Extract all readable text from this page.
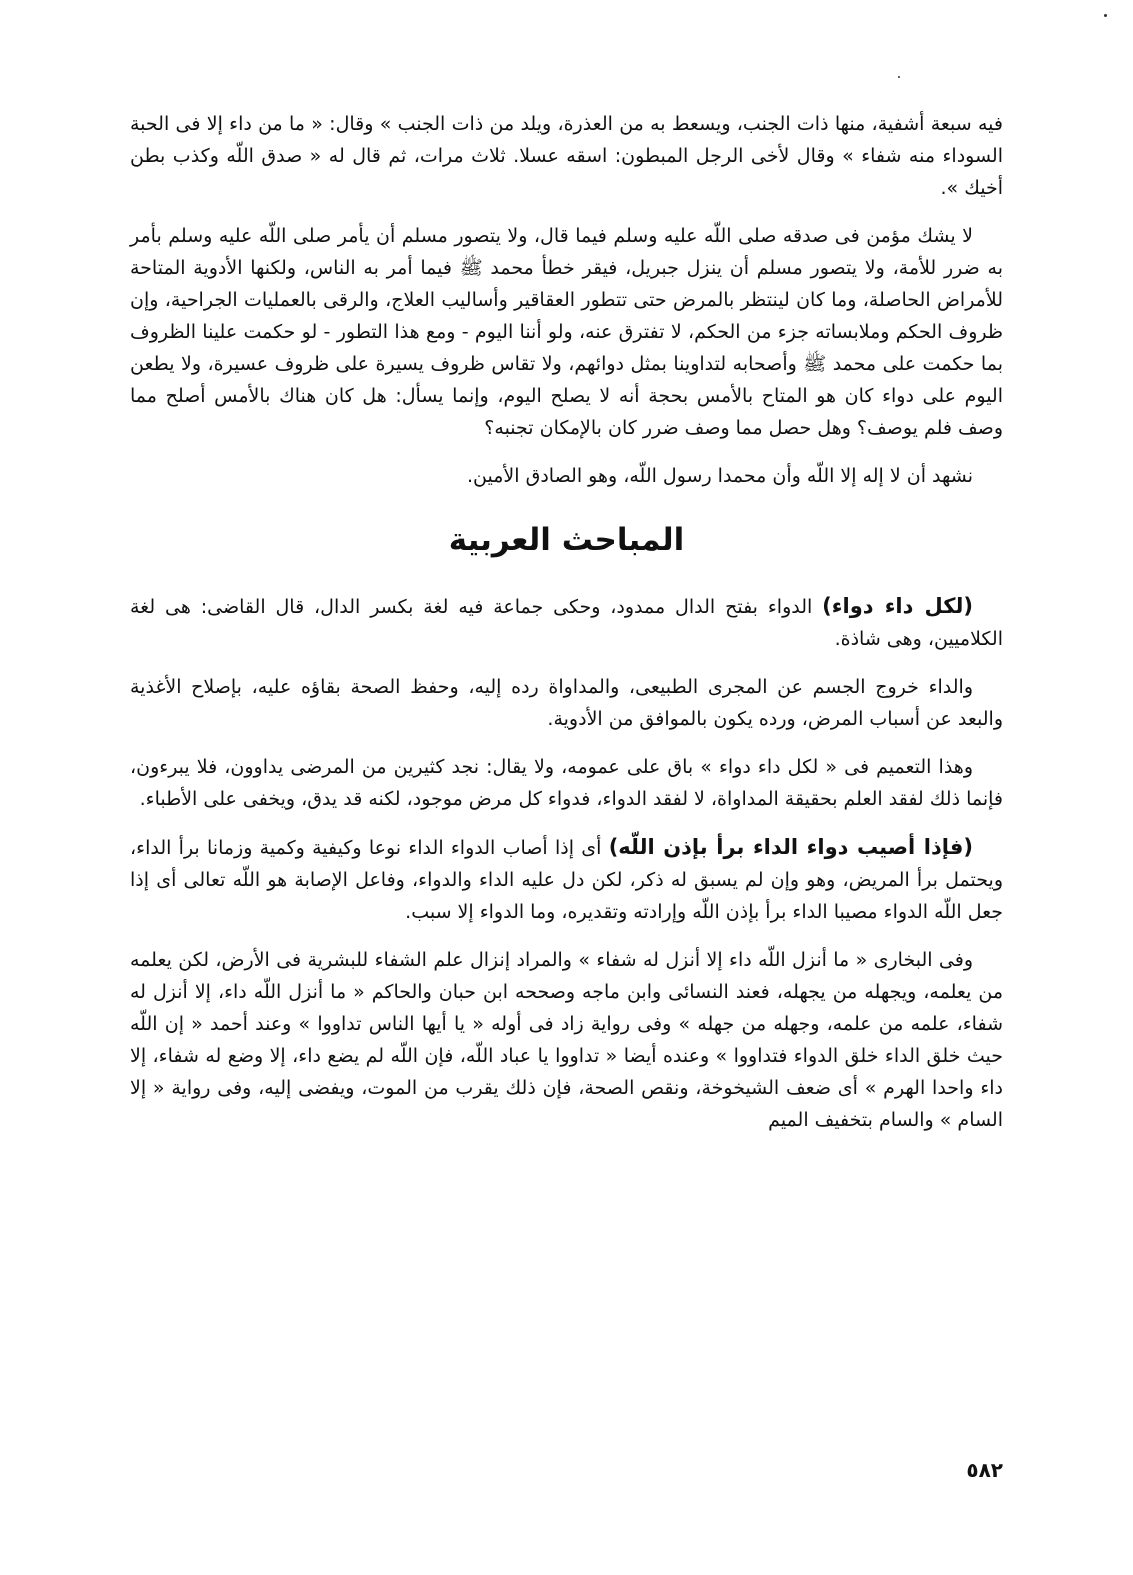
فيه سبعة أشفية، منها ذات الجنب، ويسعط به من العذرة، ويلد من ذات الجنب » وقال: « ما من داء إلا فى الحبة السوداء منه شفاء » وقال لأخى الرجل المبطون: اسقه عسلا. ثلاث مرات، ثم قال له « صدق اللّه وكذب بطن أخيك ».

لا يشك مؤمن فى صدقه صلى اللّه عليه وسلم فيما قال، ولا يتصور مسلم أن يأمر صلى اللّه عليه وسلم بأمر به ضرر للأمة، ولا يتصور مسلم أن ينزل جبريل، فيقر خطأ محمد ﷺ فيما أمر به الناس، ولكنها الأدوية المتاحة للأمراض الحاصلة، وما كان لينتظر بالمرض حتى تتطور العقاقير وأساليب العلاج، والرقى بالعمليات الجراحية، وإن ظروف الحكم وملابساته جزء من الحكم، لا تفترق عنه، ولو أننا اليوم - ومع هذا التطور - لو حكمت علينا الظروف بما حكمت على محمد ﷺ وأصحابه لتداوينا بمثل دوائهم، ولا تقاس ظروف يسيرة على ظروف عسيرة، ولا يطعن اليوم على دواء كان هو المتاح بالأمس بحجة أنه لا يصلح اليوم، وإنما يسأل: هل كان هناك بالأمس أصلح مما وصف فلم يوصف؟ وهل حصل مما وصف ضرر كان بالإمكان تجنبه؟

نشهد أن لا إله إلا اللّه وأن محمدا رسول اللّه، وهو الصادق الأمين.

المباحث العربية

(لكل داء دواء) الدواء بفتح الدال ممدود، وحكى جماعة فيه لغة بكسر الدال، قال القاضى: هى لغة الكلاميين، وهى شاذة.

والداء خروج الجسم عن المجرى الطبيعى، والمداواة رده إليه، وحفظ الصحة بقاؤه عليه، بإصلاح الأغذية والبعد عن أسباب المرض، ورده يكون بالموافق من الأدوية.

وهذا التعميم فى « لكل داء دواء » باق على عمومه، ولا يقال: نجد كثيرين من المرضى يداوون، فلا يبرءون، فإنما ذلك لفقد العلم بحقيقة المداواة، لا لفقد الدواء، فدواء كل مرض موجود، لكنه قد يدق، ويخفى على الأطباء.

(فإذا أصيب دواء الداء برأ بإذن اللّه) أى إذا أصاب الدواء الداء نوعا وكيفية وكمية وزمانا برأ الداء، ويحتمل برأ المريض، وهو وإن لم يسبق له ذكر، لكن دل عليه الداء والدواء، وفاعل الإصابة هو اللّه تعالى أى إذا جعل اللّه الدواء مصيبا الداء برأ بإذن اللّه وإرادته وتقديره، وما الدواء إلا سبب.

وفى البخارى « ما أنزل اللّه داء إلا أنزل له شفاء » والمراد إنزال علم الشفاء للبشرية فى الأرض، لكن يعلمه من يعلمه، ويجهله من يجهله، فعند النسائى وابن ماجه وصححه ابن حبان والحاكم « ما أنزل اللّه داء، إلا أنزل له شفاء، علمه من علمه، وجهله من جهله » وفى رواية زاد فى أوله « يا أيها الناس تداووا » وعند أحمد « إن اللّه حيث خلق الداء خلق الدواء فتداووا » وعنده أيضا « تداووا يا عباد اللّه، فإن اللّه لم يضع داء، إلا وضع له شفاء، إلا داء واحدا الهرم » أى ضعف الشيخوخة، ونقص الصحة، فإن ذلك يقرب من الموت، ويفضى إليه، وفى رواية « إلا السام » والسام بتخفيف الميم

٥٨٢
